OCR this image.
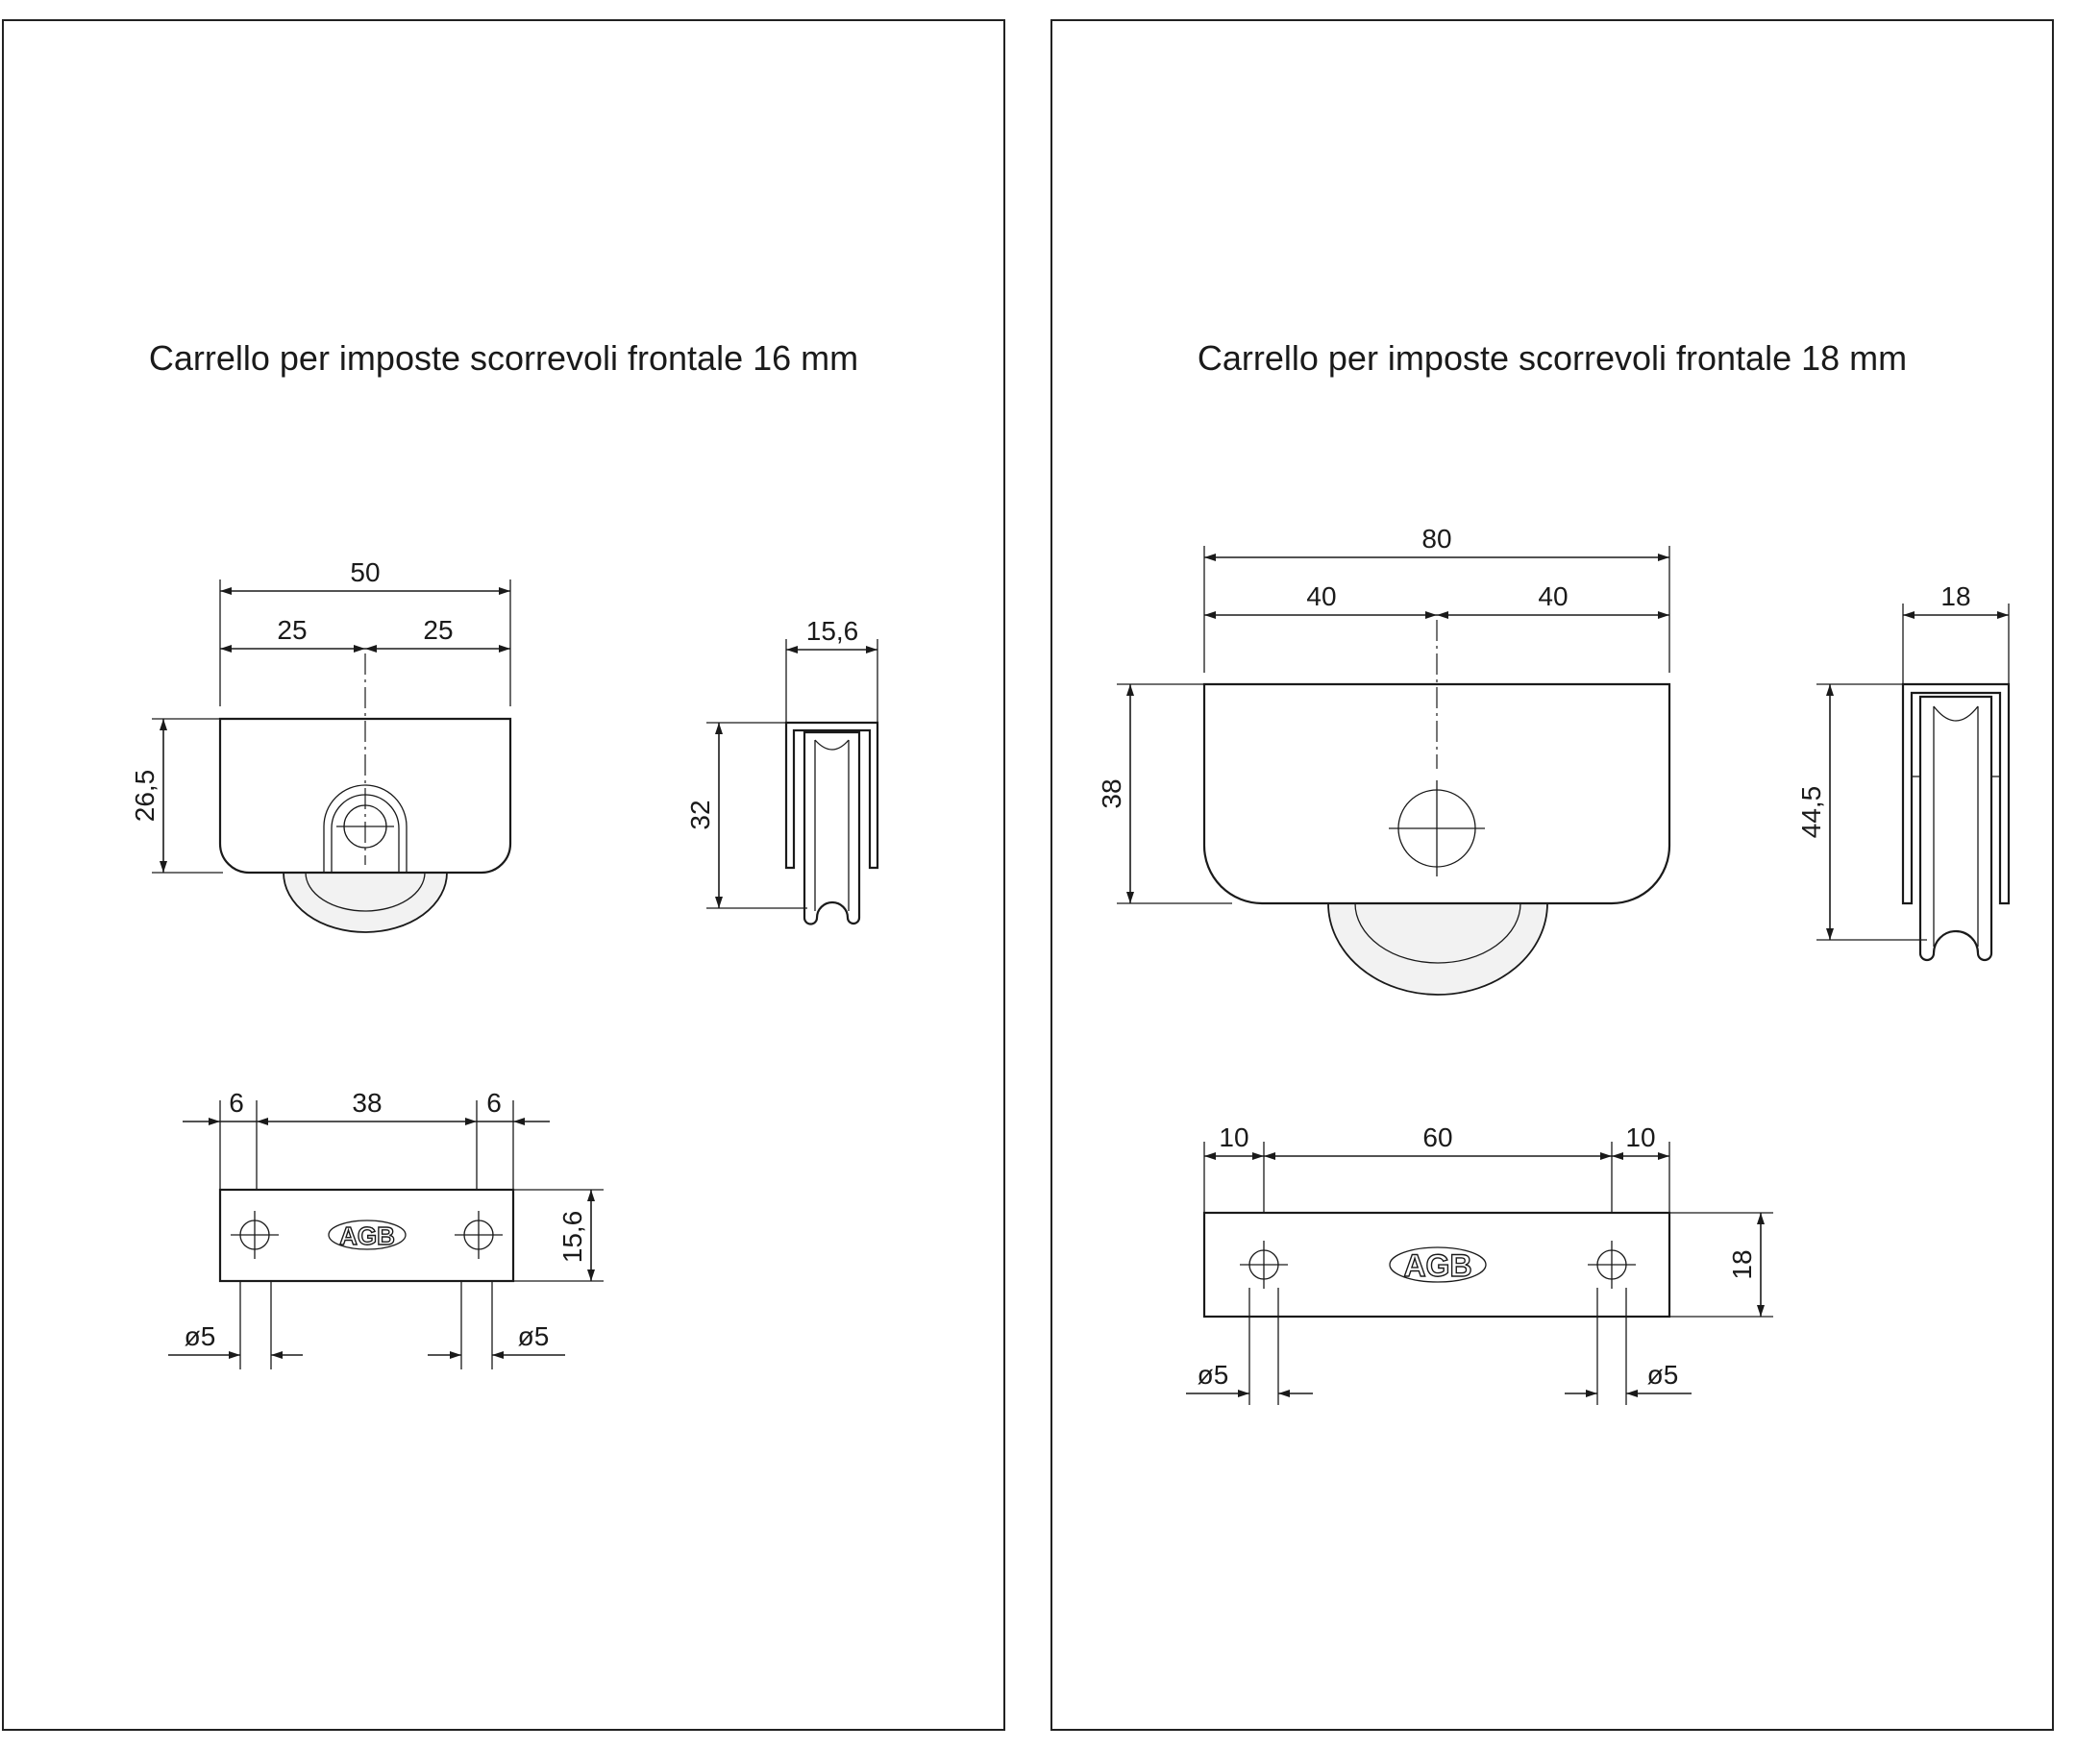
Carrello per imposte scorrevoli frontale 16 mm	Carrello per imposte scorrevoli frontale 18 mm
50
25	25
26,5
15,6
32
6	38	6
AGB	15,6
ø5	ø5
80
40	40
38
18
44,5
10	60	10
AGB	18
ø5	ø5
